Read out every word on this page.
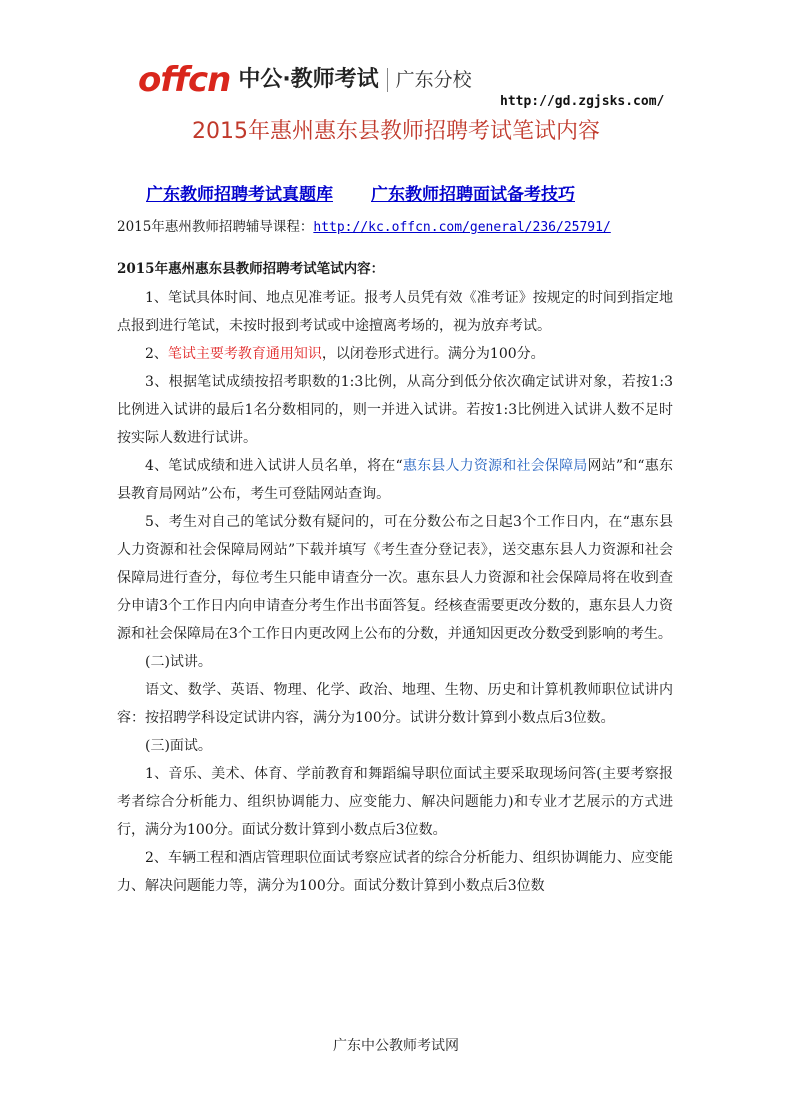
offcn 中公·教师考试 广东分校
http://gd.zgjsks.com/
2015年惠州惠东县教师招聘考试笔试内容
广东教师招聘考试真题库 广东教师招聘面试备考技巧
2015年惠州教师招聘辅导课程：http://kc.offcn.com/general/236/25791/
2015年惠州惠东县教师招聘考试笔试内容：

1、笔试具体时间、地点见准考证。报考人员凭有效《准考证》按规定的时间到指定地点报到进行笔试，未按时报到考试或中途擅离考场的，视为放弃考试。

2、笔试主要考教育通用知识，以闭卷形式进行。满分为100分。

3、根据笔试成绩按招考职数的1:3比例，从高分到低分依次确定试讲对象，若按1:3比例进入试讲的最后1名分数相同的，则一并进入试讲。若按1:3比例进入试讲人数不足时按实际人数进行试讲。

4、笔试成绩和进入试讲人员名单，将在“惠东县人力资源和社会保障局网站”和“惠东县教育局网站”公布，考生可登陆网站查询。

5、考生对自己的笔试分数有疑问的，可在分数公布之日起3个工作日内，在“惠东县人力资源和社会保障局网站”下载并填写《考生查分登记表》，送交惠东县人力资源和社会保障局进行查分，每位考生只能申请查分一次。惠东县人力资源和社会保障局将在收到查分申请3个工作日内向申请查分考生作出书面答复。经核查需要更改分数的，惠东县人力资源和社会保障局在3个工作日内更改网上公布的分数，并通知因更改分数受到影响的考生。

(二)试讲。

语文、数学、英语、物理、化学、政治、地理、生物、历史和计算机教师职位试讲内容：按招聘学科设定试讲内容，满分为100分。试讲分数计算到小数点后3位数。

(三)面试。

1、音乐、美术、体育、学前教育和舞蹈编导职位面试主要采取现场问答(主要考察报考者综合分析能力、组织协调能力、应变能力、解决问题能力)和专业才艺展示的方式进行，满分为100分。面试分数计算到小数点后3位数。

2、车辆工程和酒店管理职位面试考察应试者的综合分析能力、组织协调能力、应变能力、解决问题能力等，满分为100分。面试分数计算到小数点后3位数

广东中公教师考试网
